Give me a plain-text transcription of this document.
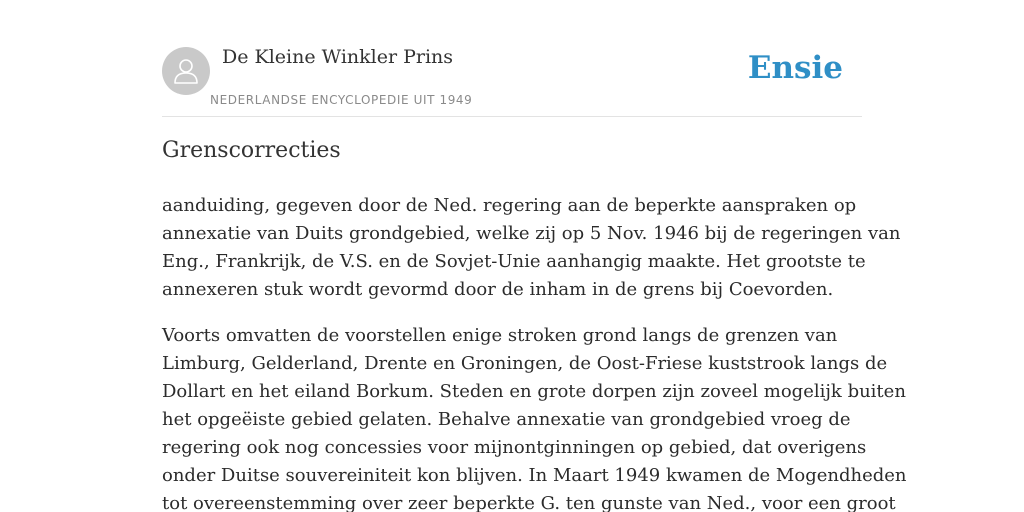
De Kleine Winkler Prins
NEDERLANDSE ENCYCLOPEDIE UIT 1949
Ensie
Grenscorrecties

aanduiding, gegeven door de Ned. regering aan de beperkte aanspraken op
annexatie van Duits grondgebied, welke zij op 5 Nov. 1946 bij de regeringen van
Eng., Frankrijk, de V.S. en de Sovjet-Unie aanhangig maakte. Het grootste te
annexeren stuk wordt gevormd door de inham in de grens bij Coevorden.

Voorts omvatten de voorstellen enige stroken grond langs de grenzen van
Limburg, Gelderland, Drente en Groningen, de Oost-Friese kuststrook langs de
Dollart en het eiland Borkum. Steden en grote dorpen zijn zoveel mogelijk buiten
het opgeëiste gebied gelaten. Behalve annexatie van grondgebied vroeg de
regering ook nog concessies voor mijnontginningen op gebied, dat overigens
onder Duitse souvereiniteit kon blijven. In Maart 1949 kwamen de Mogendheden
tot overeenstemming over zeer beperkte G. ten gunste van Ned., voor een groot
